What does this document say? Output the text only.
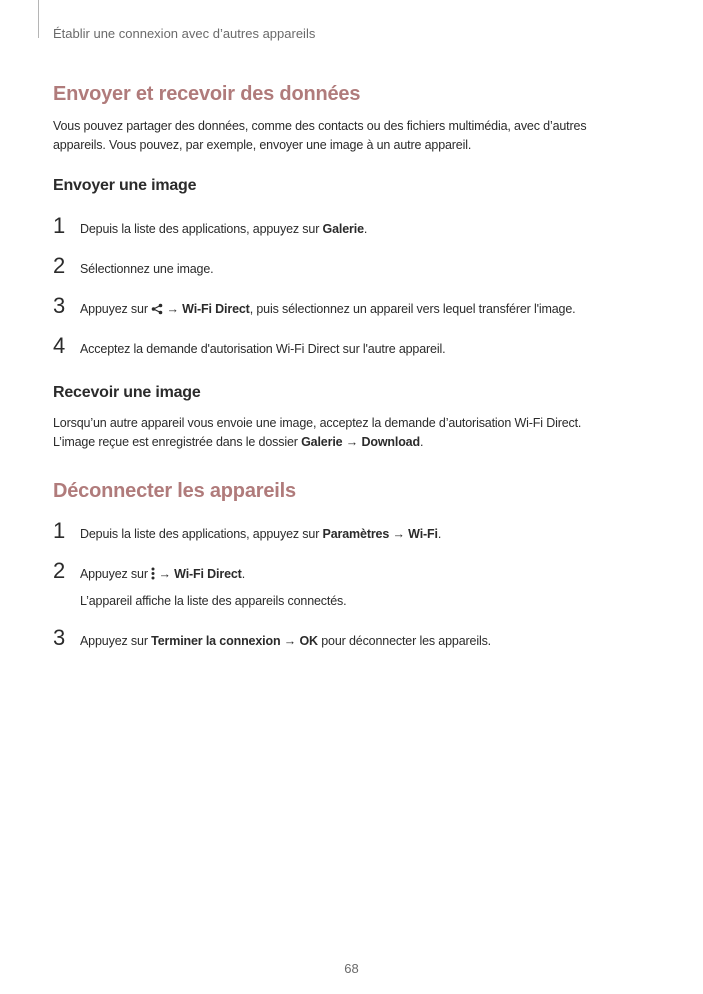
Établir une connexion avec d’autres appareils
Envoyer et recevoir des données
Vous pouvez partager des données, comme des contacts ou des fichiers multimédia, avec d’autres
appareils. Vous pouvez, par exemple, envoyer une image à un autre appareil.
Envoyer une image
1 Depuis la liste des applications, appuyez sur Galerie.
2 Sélectionnez une image.
3 Appuyez sur  → Wi-Fi Direct, puis sélectionnez un appareil vers lequel transférer l'image.
4 Acceptez la demande d'autorisation Wi-Fi Direct sur l'autre appareil.
Recevoir une image
Lorsqu’un autre appareil vous envoie une image, acceptez la demande d’autorisation Wi-Fi Direct.
L’image reçue est enregistrée dans le dossier Galerie → Download.
Déconnecter les appareils
1 Depuis la liste des applications, appuyez sur Paramètres → Wi-Fi.
2 Appuyez sur  → Wi-Fi Direct.
L’appareil affiche la liste des appareils connectés.
3 Appuyez sur Terminer la connexion → OK pour déconnecter les appareils.
68
